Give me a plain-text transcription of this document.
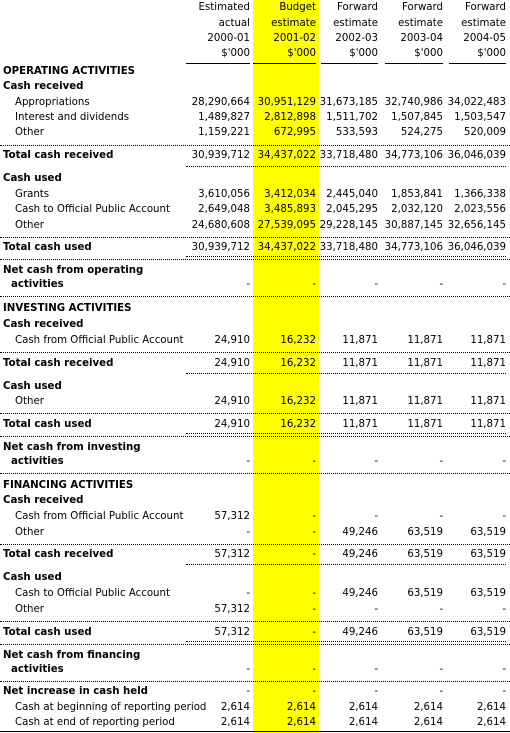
Estimated	Budget	Forward	Forward	Forward
actual	estimate	estimate	estimate	estimate
2000-01	2001-02	2002-03	2003-04	2004-05
$'000	$'000	$'000	$'000	$'000
OPERATING ACTIVITIES
Cash received
Appropriations	28,290,664 30,951,129 31,673,185 32,740,986 34,022,483
Interest and dividends	1,489,827	2,812,898 1,511,702	1,507,845	1,503,547
Other	1,159,221	672,995	533,593	524,275	520,009
Total cash received	30,939,712 34,437,022 33,718,480 34,773,106 36,046,039
Cash used
Grants	3,610,056	3,412,034 2,445,040	1,853,841	1,366,338
Cash to Official Public Account	2,649,048	3,485,893 2,045,295	2,032,120	2,023,556
Other	24,680,608 27,539,095 29,228,145 30,887,145 32,656,145
Total cash used	30,939,712 34,437,022 33,718,480 34,773,106 36,046,039
Net cash from operating
activities	-	-	-	-	-
INVESTING ACTIVITIES
Cash received
Cash from Official Public Account	24,910	16,232	11,871	11,871	11,871
Total cash received	24,910	16,232	11,871	11,871	11,871
Cash used
Other	24,910	16,232	11,871	11,871	11,871
Total cash used	24,910	16,232	11,871	11,871	11,871
Net cash from investing
activities	-	-	-	-	-
FINANCING ACTIVITIES
Cash received
Cash from Official Public Account	57,312	-	-	-	-
Other	-	-	49,246	63,519	63,519
Total cash received	57,312	-	49,246	63,519	63,519
Cash used
Cash to Official Public Account	-	-	49,246	63,519	63,519
Other	57,312	-	-	-	-
Total cash used	57,312	-	49,246	63,519	63,519
Net cash from financing
activities	-	-	-	-	-
Net increase in cash held	-	-	-	-	-
Cash at beginning of reporting period	2,614	2,614	2,614	2,614	2,614
Cash at end of reporting period	2,614	2,614	2,614	2,614	2,614
